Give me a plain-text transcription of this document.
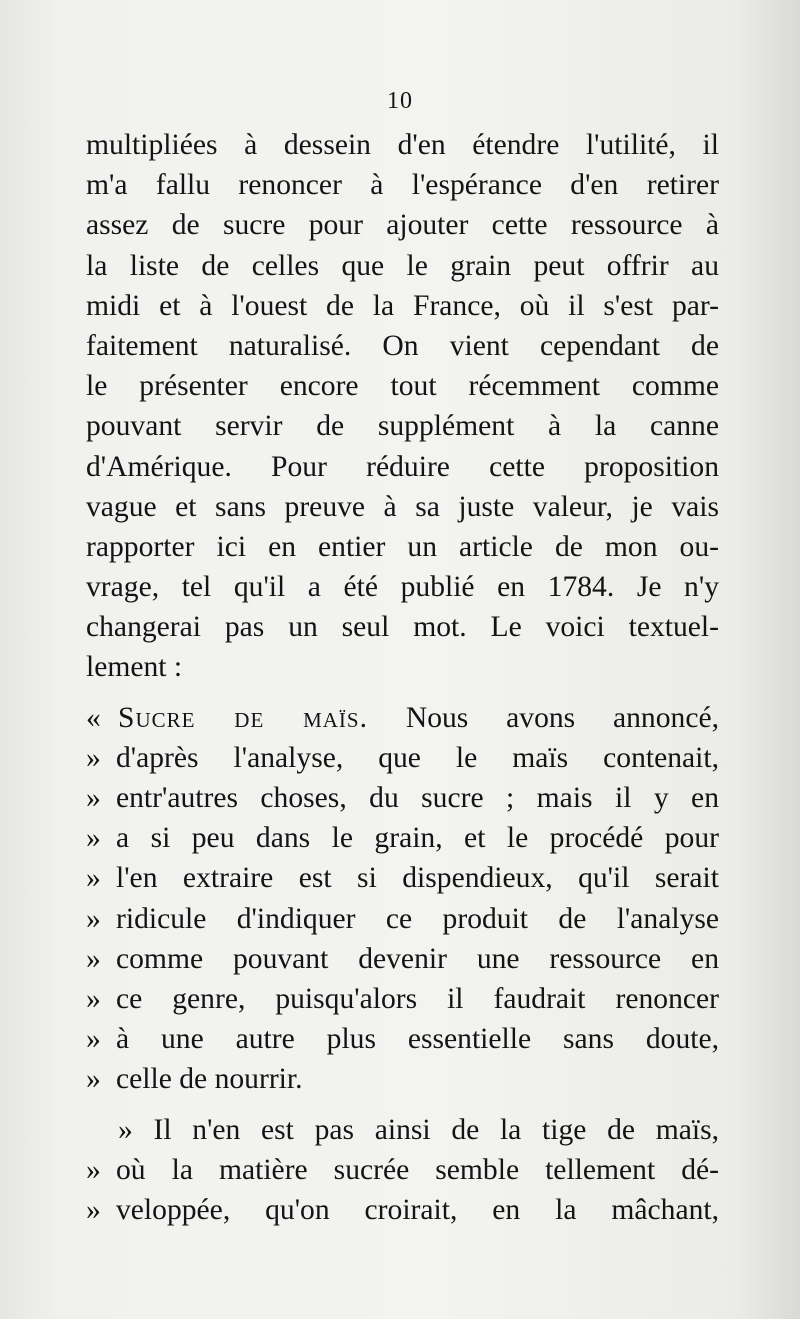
10
multipliées à dessein d'en étendre l'utilité, il
m'a fallu renoncer à l'espérance d'en retirer
assez de sucre pour ajouter cette ressource à
la liste de celles que le grain peut offrir au
midi et à l'ouest de la France, où il s'est par-
faitement naturalisé. On vient cependant de
le présenter encore tout récemment comme
pouvant servir de supplément à la canne
d'Amérique. Pour réduire cette proposition
vague et sans preuve à sa juste valeur, je vais
rapporter ici en entier un article de mon ou-
vrage, tel qu'il a été publié en 1784. Je n'y
changerai pas un seul mot. Le voici textuel-
lement :
« Sucre de maïs. Nous avons annoncé,
» d'après l'analyse, que le maïs contenait,
» entr'autres choses, du sucre ; mais il y en
» a si peu dans le grain, et le procédé pour
» l'en extraire est si dispendieux, qu'il serait
» ridicule d'indiquer ce produit de l'analyse
» comme pouvant devenir une ressource en
» ce genre, puisqu'alors il faudrait renoncer
» à une autre plus essentielle sans doute,
» celle de nourrir.
» Il n'en est pas ainsi de la tige de maïs,
» où la matière sucrée semble tellement dé-
» veloppée, qu'on croirait, en la mâchant,
